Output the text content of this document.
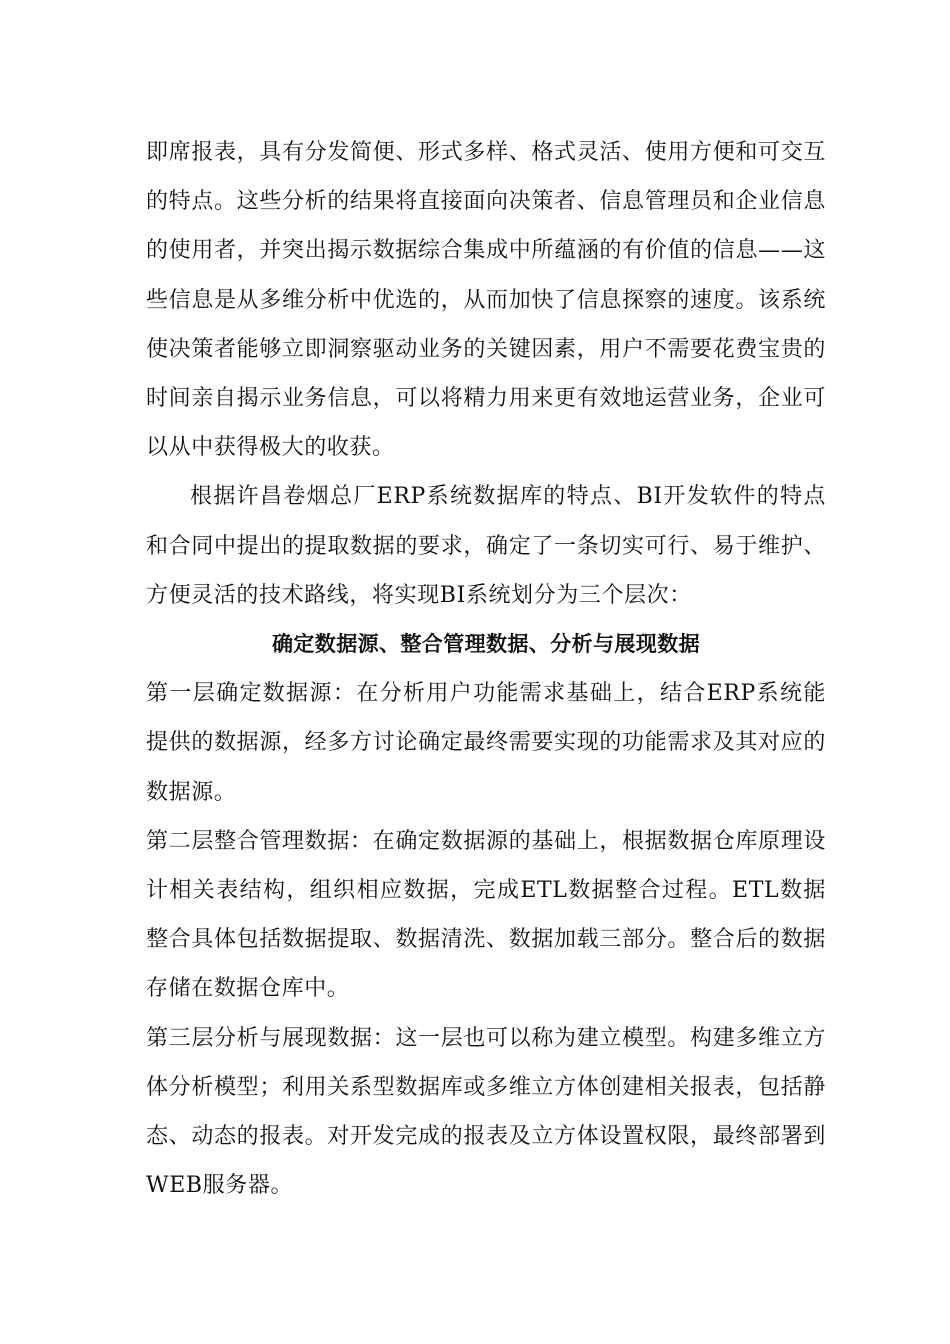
即席报表，具有分发简便、形式多样、格式灵活、使用方便和可交互的特点。这些分析的结果将直接面向决策者、信息管理员和企业信息的使用者，并突出揭示数据综合集成中所蕴涵的有价值的信息——这些信息是从多维分析中优选的，从而加快了信息探察的速度。该系统使决策者能够立即洞察驱动业务的关键因素，用户不需要花费宝贵的时间亲自揭示业务信息，可以将精力用来更有效地运营业务，企业可以从中获得极大的收获。

根据许昌卷烟总厂ERP系统数据库的特点、BI开发软件的特点和合同中提出的提取数据的要求，确定了一条切实可行、易于维护、方便灵活的技术路线，将实现BI系统划分为三个层次：

确定数据源、整合管理数据、分析与展现数据

第一层确定数据源：在分析用户功能需求基础上，结合ERP系统能提供的数据源，经多方讨论确定最终需要实现的功能需求及其对应的数据源。

第二层整合管理数据：在确定数据源的基础上，根据数据仓库原理设计相关表结构，组织相应数据，完成ETL数据整合过程。ETL数据整合具体包括数据提取、数据清洗、数据加载三部分。整合后的数据存储在数据仓库中。

第三层分析与展现数据：这一层也可以称为建立模型。构建多维立方体分析模型；利用关系型数据库或多维立方体创建相关报表，包括静态、动态的报表。对开发完成的报表及立方体设置权限，最终部署到WEB服务器。
